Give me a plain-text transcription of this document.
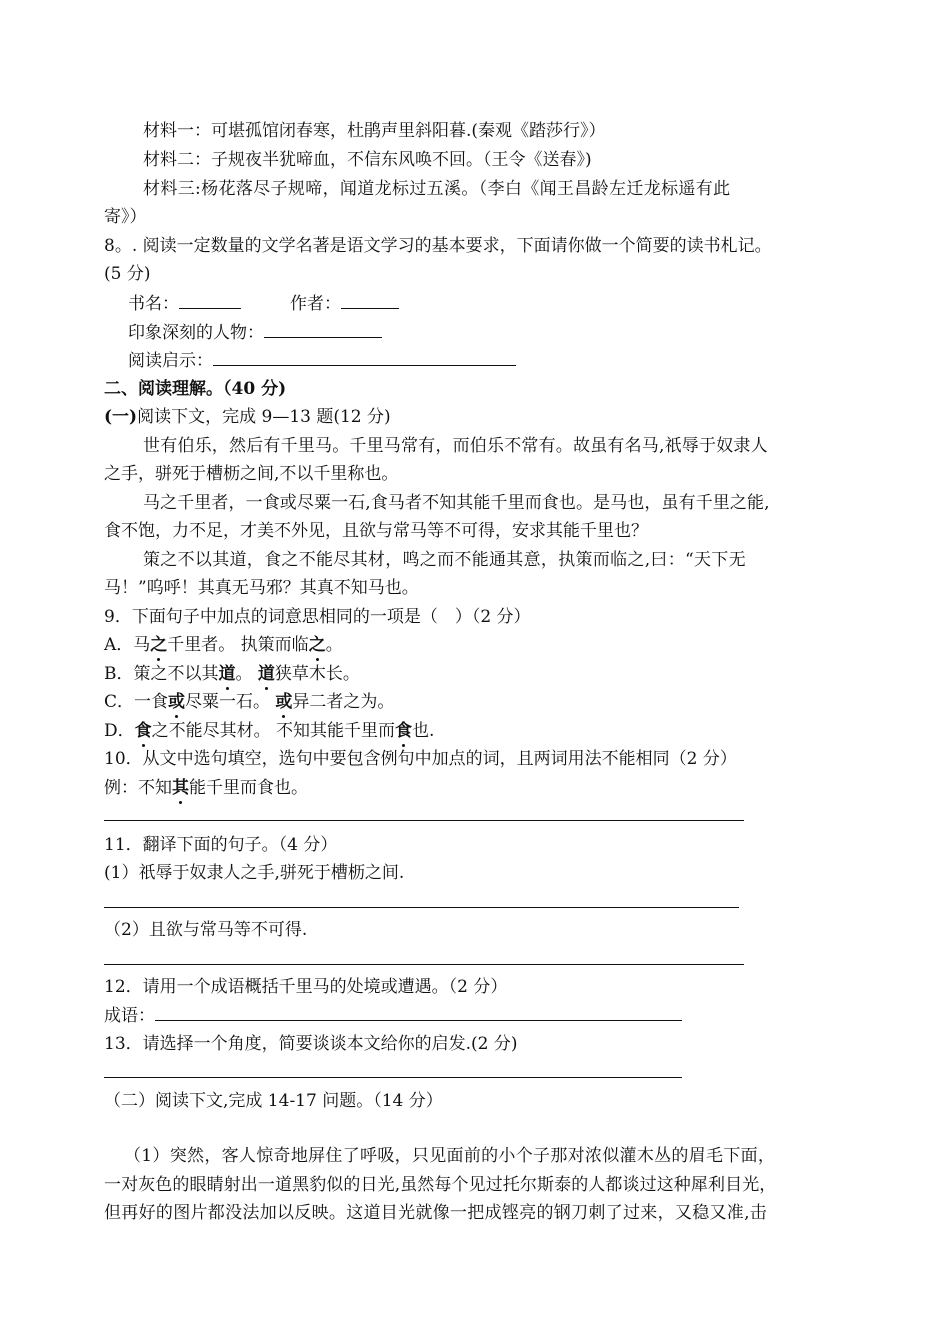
材料一：可堪孤馆闭春寒，杜鹃声里斜阳暮.(秦观《踏莎行》）
材料二：子规夜半犹啼血，不信东风唤不回。（王令《送春》)
材料三:杨花落尽子规啼，闻道龙标过五溪。（李白《闻王昌龄左迁龙标遥有此
寄》）
8。. 阅读一定数量的文学名著是语文学习的基本要求，下面请你做一个简要的读书札记。
(5 分)
书名：	作者：
印象深刻的人物：
阅读启示：
二、阅读理解。（40 分)
(一)阅读下文，完成 9—13 题(12 分)
世有伯乐，然后有千里马。千里马常有，而伯乐不常有。故虽有名马,祇辱于奴隶人
之手，骈死于槽枥之间,不以千里称也。
马之千里者，一食或尽粟一石,食马者不知其能千里而食也。是马也，虽有千里之能,
食不饱，力不足，才美不外见，且欲与常马等不可得，安求其能千里也？
策之不以其道，食之不能尽其材，鸣之而不能通其意，执策而临之,曰：“天下无
马！”呜呼！其真无马邪？其真不知马也。
9．下面句子中加点的词意思相同的一项是（　）（2 分）
A．马之千里者。 执策而临之。
B．策之不以其道。 道狭草木长。
C．一食或尽粟一石。 或异二者之为。
D．食之不能尽其材。 不知其能千里而食也.
10．从文中选句填空，选句中要包含例句中加点的词，且两词用法不能相同（2 分）
例：不知其能千里而食也。
11．翻译下面的句子。（4 分）
(1）祇辱于奴隶人之手,骈死于槽枥之间.
（2）且欲与常马等不可得.
12．请用一个成语概括千里马的处境或遭遇。（2 分）
成语：
13．请选择一个角度，简要谈谈本文给你的启发.(2 分)
（二）阅读下文,完成 14-17 问题。（14 分）
（1）突然，客人惊奇地屏住了呼吸，只见面前的小个子那对浓似灌木丛的眉毛下面，
一对灰色的眼睛射出一道黑豹似的日光,虽然每个见过托尔斯泰的人都谈过这种犀利目光，
但再好的图片都没法加以反映。这道目光就像一把成铿亮的钢刀刺了过来，又稳又准,击
